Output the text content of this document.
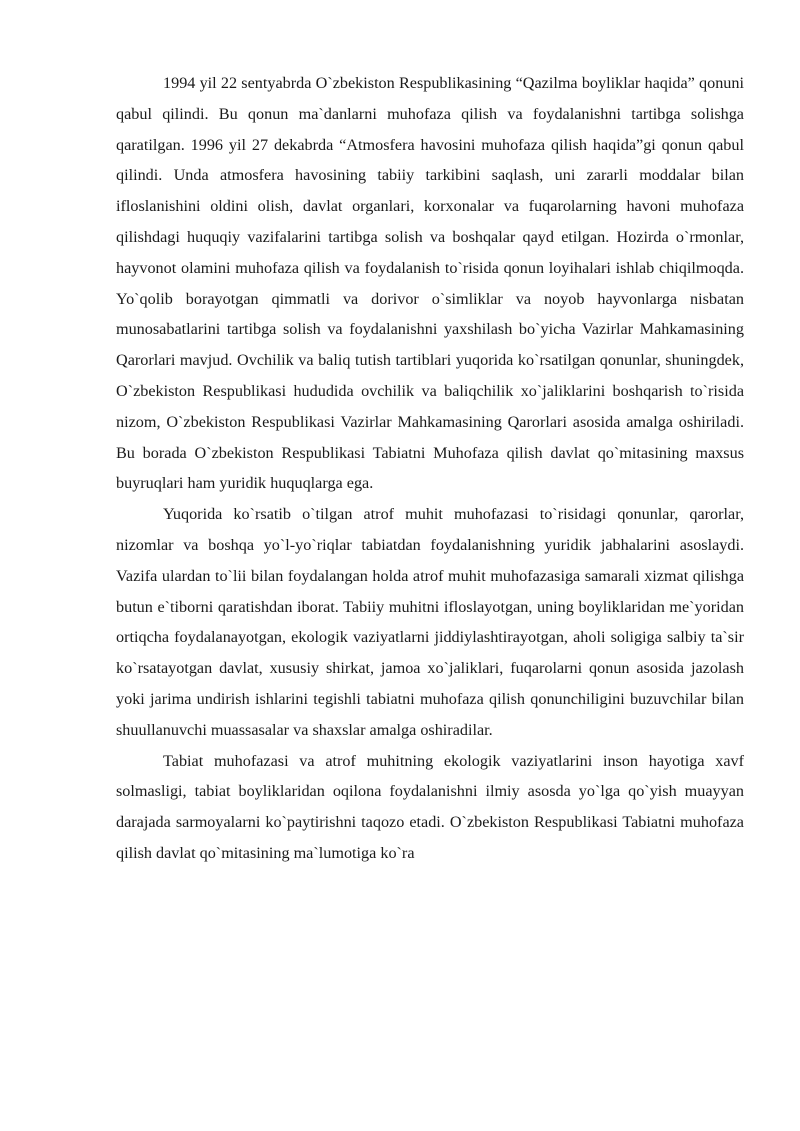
1994 yil 22 sentyabrda O`zbekiston Respublikasining “Qazilma boyliklar haqida” qonuni qabul qilindi. Bu qonun ma`danlarni muhofaza qilish va foydalanishni tartibga solishga qaratilgan. 1996 yil 27 dekabrda “Atmosfera havosini muhofaza qilish haqida”gi qonun qabul qilindi. Unda atmosfera havosining tabiiy tarkibini saqlash, uni zararli moddalar bilan ifloslanishini oldini olish, davlat organlari, korxonalar va fuqarolarning havoni muhofaza qilishdagi huquqiy vazifalarini tartibga solish va boshqalar qayd etilgan. Hozirda o`rmonlar, hayvonot olamini muhofaza qilish va foydalanish to`risida qonun loyihalari ishlab chiqilmoqda. Yo`qolib borayotgan qimmatli va dorivor o`simliklar va noyob hayvonlarga nisbatan munosabatlarini tartibga solish va foydalanishni yaxshilash bo`yicha Vazirlar Mahkamasining Qarorlari mavjud. Ovchilik va baliq tutish tartiblari yuqorida ko`rsatilgan qonunlar, shuningdek, O`zbekiston Respublikasi hududida ovchilik va baliqchilik xo`jaliklarini boshqarish to`risida nizom, O`zbekiston Respublikasi Vazirlar Mahkamasining Qarorlari asosida amalga oshiriladi. Bu borada O`zbekiston Respublikasi Tabiatni Muhofaza qilish davlat qo`mitasining maxsus buyruqlari ham yuridik huquqlarga ega.

Yuqorida ko`rsatib o`tilgan atrof muhit muhofazasi to`risidagi qonunlar, qarorlar, nizomlar va boshqa yo`l-yo`riqlar tabiatdan foydalanishning yuridik jabhalarini asoslaydi. Vazifa ulardan to`lii bilan foydalangan holda atrof muhit muhofazasiga samarali xizmat qilishga butun e`tiborni qaratishdan iborat. Tabiiy muhitni ifloslayotgan, uning boyliklaridan me`yoridan ortiqcha foydalanayotgan, ekologik vaziyatlarni jiddiylashtirayotgan, aholi soligiga salbiy ta`sir ko`rsatayotgan davlat, xususiy shirkat, jamoa xo`jaliklari, fuqarolarni qonun asosida jazolash yoki jarima undirish ishlarini tegishli tabiatni muhofaza qilish qonunchiligini buzuvchilar bilan shuullanuvchi muassasalar va shaxslar amalga oshiradilar.

Tabiat muhofazasi va atrof muhitning ekologik vaziyatlarini inson hayotiga xavf solmasligi, tabiat boyliklaridan oqilona foydalanishni ilmiy asosda yo`lga qo`yish muayyan darajada sarmoyalarni ko`paytirishni taqozo etadi. O`zbekiston Respublikasi Tabiatni muhofaza qilish davlat qo`mitasining ma`lumotiga ko`ra
